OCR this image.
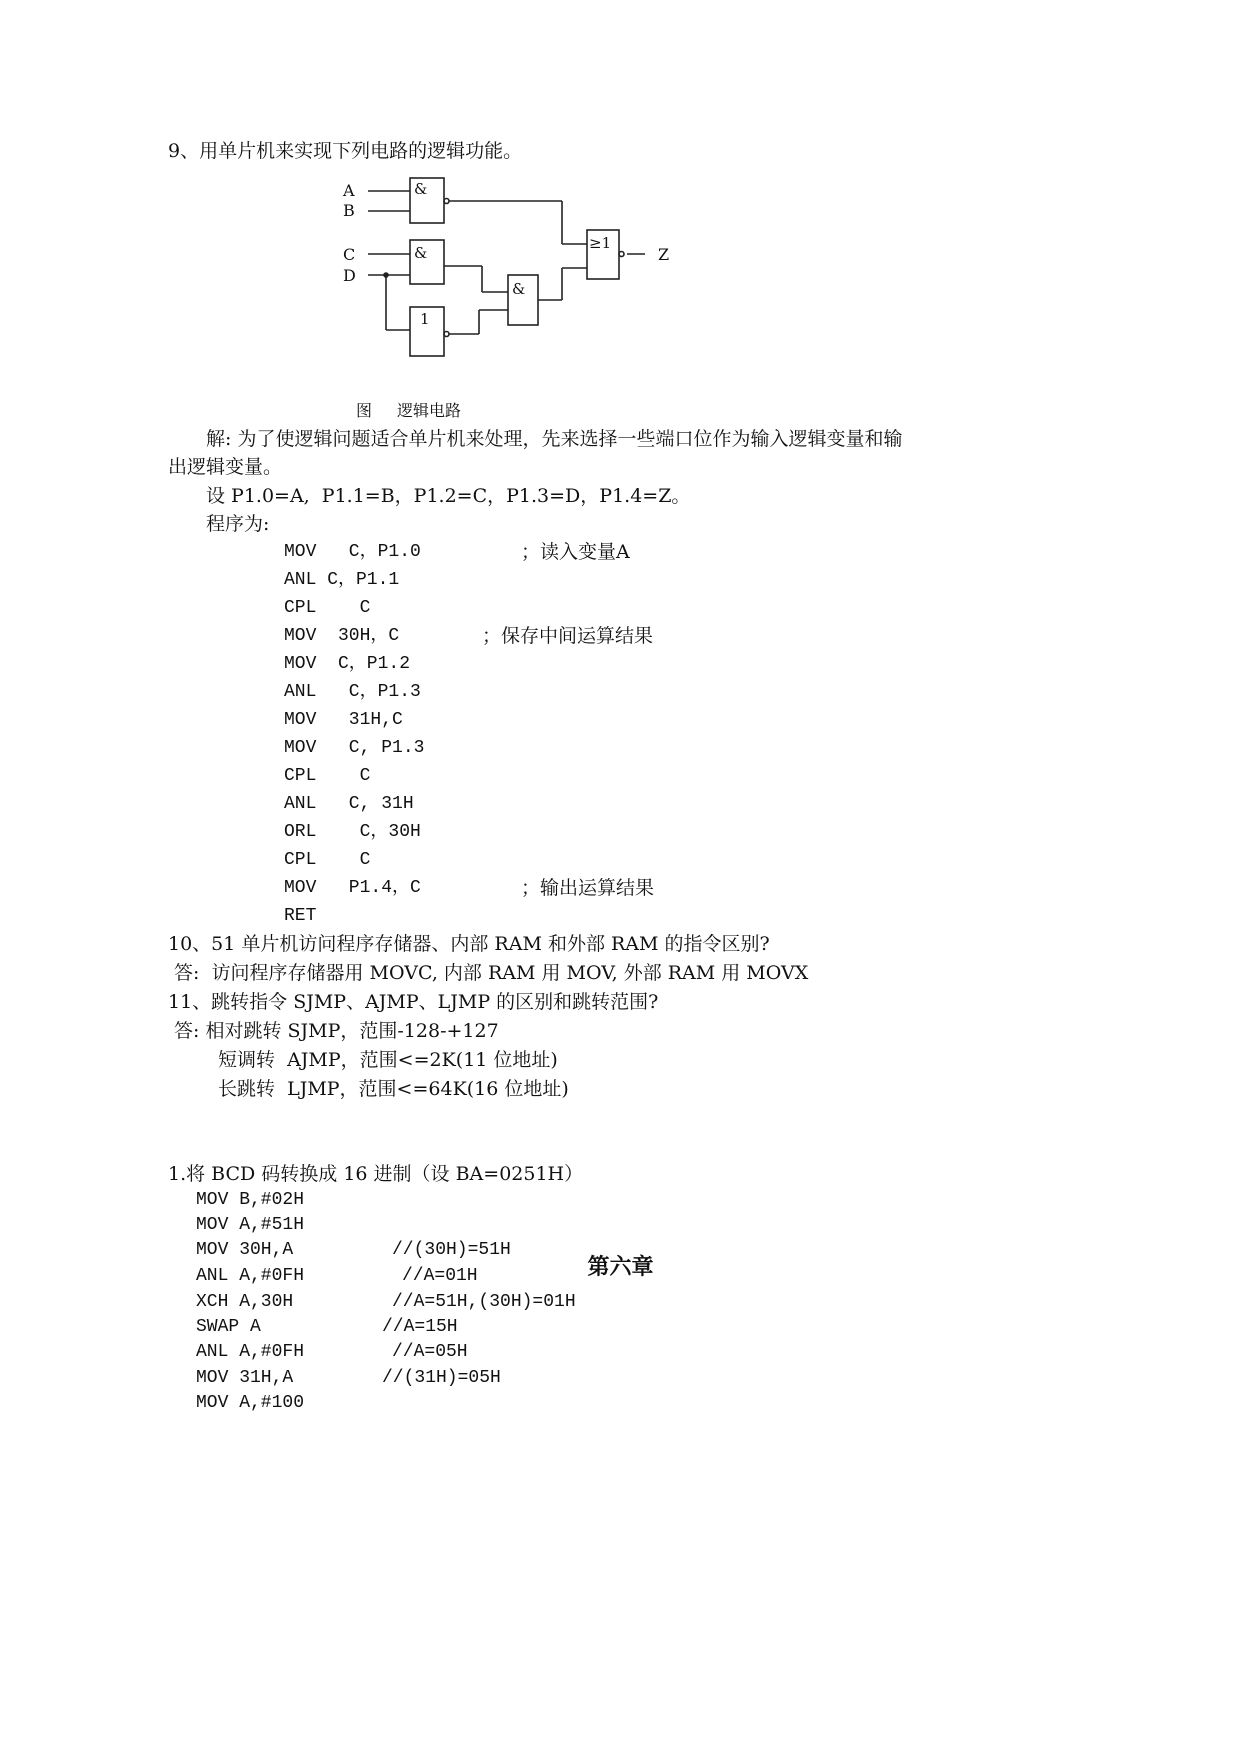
9、用单片机来实现下列电路的逻辑功能。
A
B
C
D
Z
&
&
&
1
≥1
图 逻辑电路
解: 为了使逻辑问题适合单片机来处理，先来选择一些端口位作为输入逻辑变量和输
出逻辑变量。
设 P1.0=A,  P1.1=B，P1.2=C，P1.3=D，P1.4=Z。
程序为:
MOV   C，P1.0	；读入变量A
ANL C，P1.1
CPL    C
MOV  30H，C	；保存中间运算结果
MOV  C，P1.2
ANL   C，P1.3
MOV   31H,C
MOV   C, P1.3
CPL    C
ANL   C, 31H
ORL    C，30H
CPL    C
MOV   P1.4，C	；输出运算结果
RET
10、51 单片机访问程序存储器、内部 RAM 和外部 RAM 的指令区别?
答:  访问程序存储器用 MOVC, 内部 RAM 用 MOV, 外部 RAM 用 MOVX
11、跳转指令 SJMP、AJMP、LJMP 的区别和跳转范围?
答: 相对跳转 SJMP，范围-128-+127
短调转  AJMP，范围<=2K(11 位地址)
长跳转  LJMP，范围<=64K(16 位地址)
第六章
1.将 BCD 码转换成 16 进制（设 BA=0251H）
MOV B,#02H
MOV A,#51H
MOV 30H,A	//(30H)=51H
ANL A,#0FH	//A=01H
XCH A,30H	//A=51H,(30H)=01H
SWAP A	//A=15H
ANL A,#0FH	//A=05H
MOV 31H,A	//(31H)=05H
MOV A,#100
